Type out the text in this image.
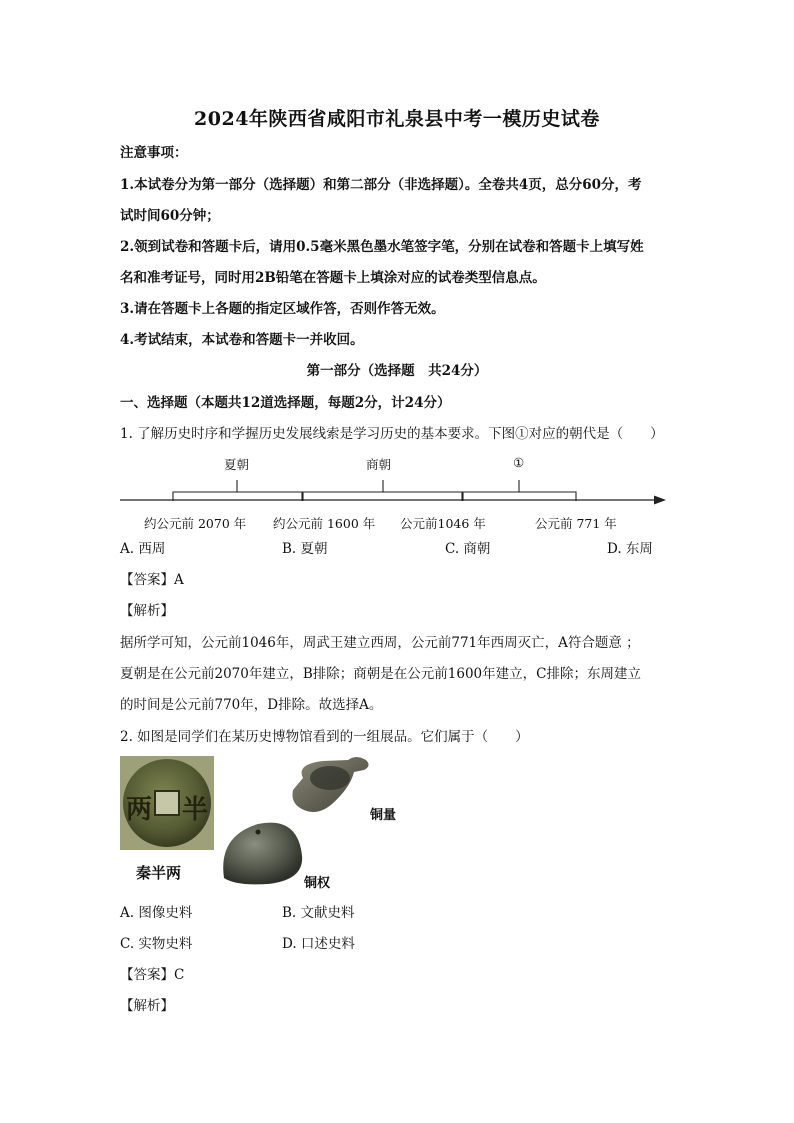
2024年陕西省咸阳市礼泉县中考一模历史试卷
注意事项：
1.本试卷分为第一部分（选择题）和第二部分（非选择题）。全卷共4页，总分60分，考
试时间60分钟；
2.领到试卷和答题卡后，请用0.5毫米黑色墨水笔签字笔，分别在试卷和答题卡上填写姓
名和准考证号，同时用2B铅笔在答题卡上填涂对应的试卷类型信息点。
3.请在答题卡上各题的指定区域作答，否则作答无效。
4.考试结束，本试卷和答题卡一并收回。
第一部分（选择题　共24分）
一、选择题（本题共12道选择题，每题2分，计24分）
1. 了解历史时序和学握历史发展线索是学习历史的基本要求。下图①对应的朝代是（　　）
夏朝	商朝	①
约公元前 2070 年 约公元前 1600 年 公元前1046 年	公元前 771 年
A. 西周	B. 夏朝	C. 商朝	D. 东周
【答案】A
【解析】
据所学可知，公元前1046年，周武王建立西周，公元前771年西周灭亡，A符合题意 ；
夏朝是在公元前2070年建立，B排除；商朝是在公元前1600年建立，C排除；东周建立
的时间是公元前770年，D排除。故选择A。
2. 如图是同学们在某历史博物馆看到的一组展品。它们属于（　　）
两 半
秦半两
铜量
铜权
A. 图像史料	B. 文献史料
C. 实物史料	D. 口述史料
【答案】C
【解析】
